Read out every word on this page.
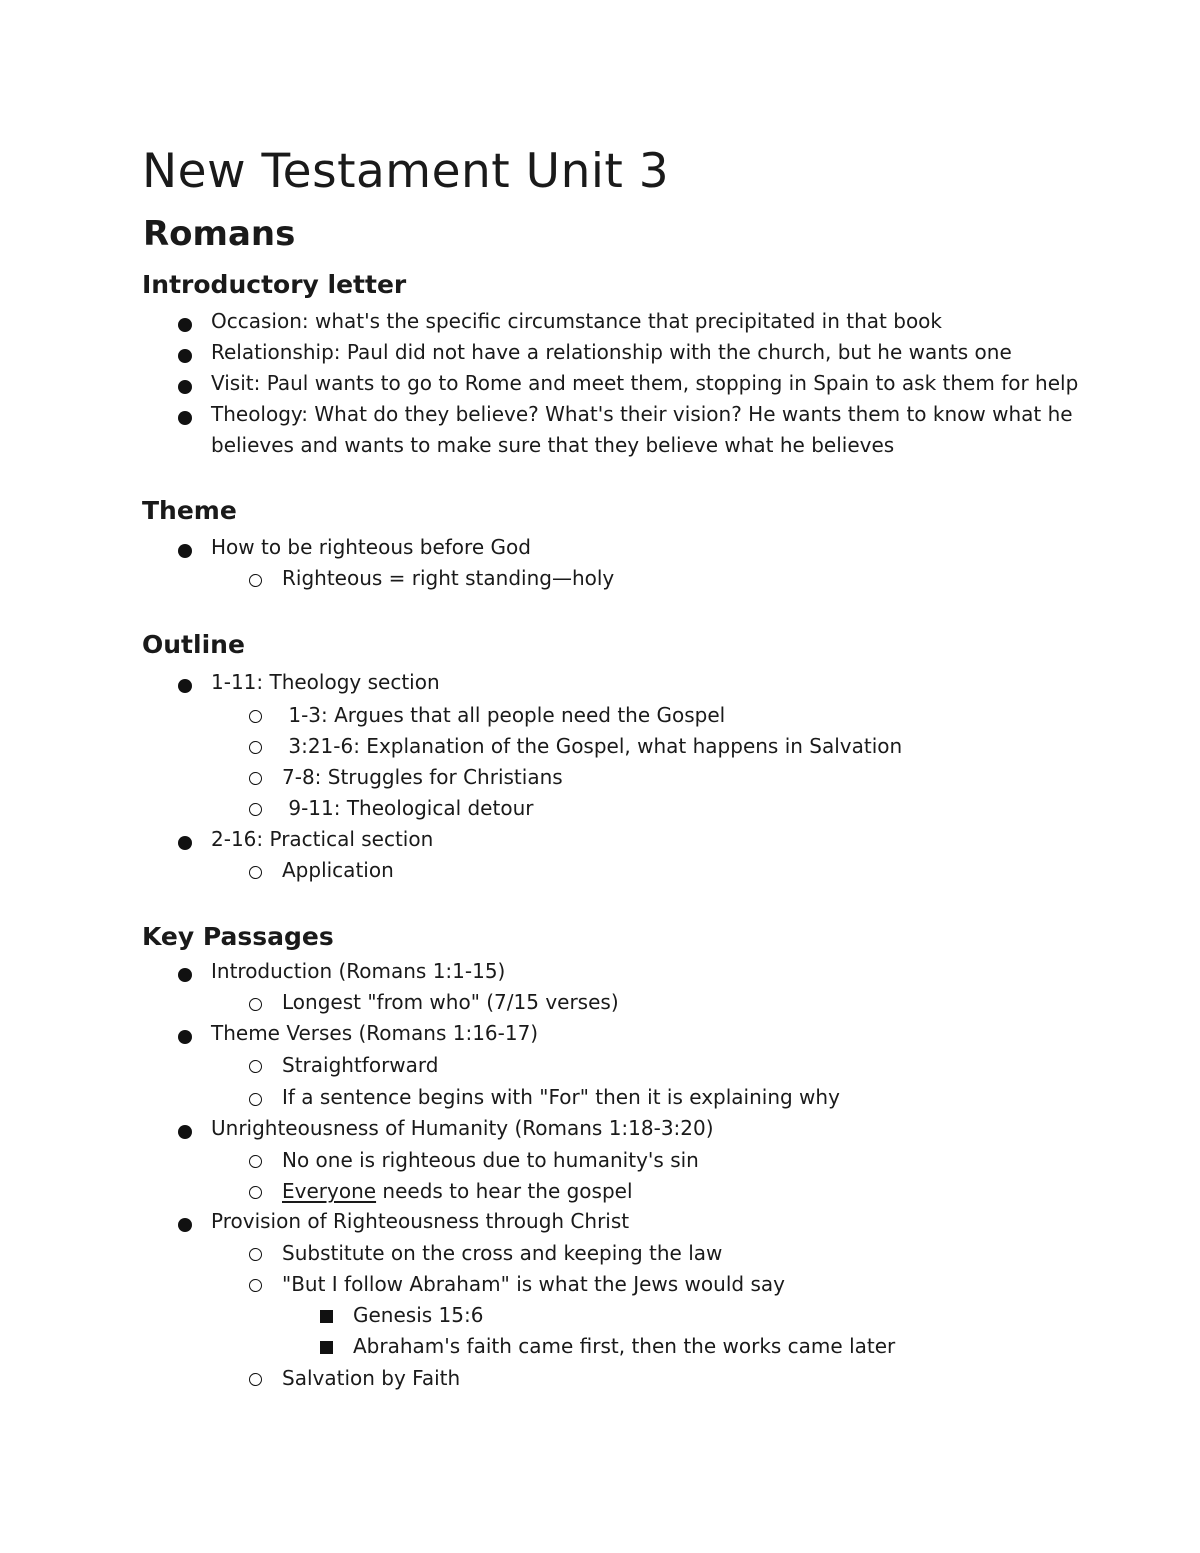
New Testament Unit 3
Romans
Introductory letter
Occasion: what's the specific circumstance that precipitated in that book
Relationship: Paul did not have a relationship with the church, but he wants one
Visit: Paul wants to go to Rome and meet them, stopping in Spain to ask them for help
Theology: What do they believe? What's their vision? He wants them to know what he
believes and wants to make sure that they believe what he believes
Theme
How to be righteous before God
Righteous = right standing—holy
Outline
1-11: Theology section
1-3: Argues that all people need the Gospel
3:21-6: Explanation of the Gospel, what happens in Salvation
7-8: Struggles for Christians
9-11: Theological detour
2-16: Practical section
Application
Key Passages
Introduction (Romans 1:1-15)
Longest "from who" (7/15 verses)
Theme Verses (Romans 1:16-17)
Straightforward
If a sentence begins with "For" then it is explaining why
Unrighteousness of Humanity (Romans 1:18-3:20)
No one is righteous due to humanity's sin
Everyone needs to hear the gospel
Provision of Righteousness through Christ
Substitute on the cross and keeping the law
"But I follow Abraham" is what the Jews would say
Genesis 15:6
Abraham's faith came first, then the works came later
Salvation by Faith
